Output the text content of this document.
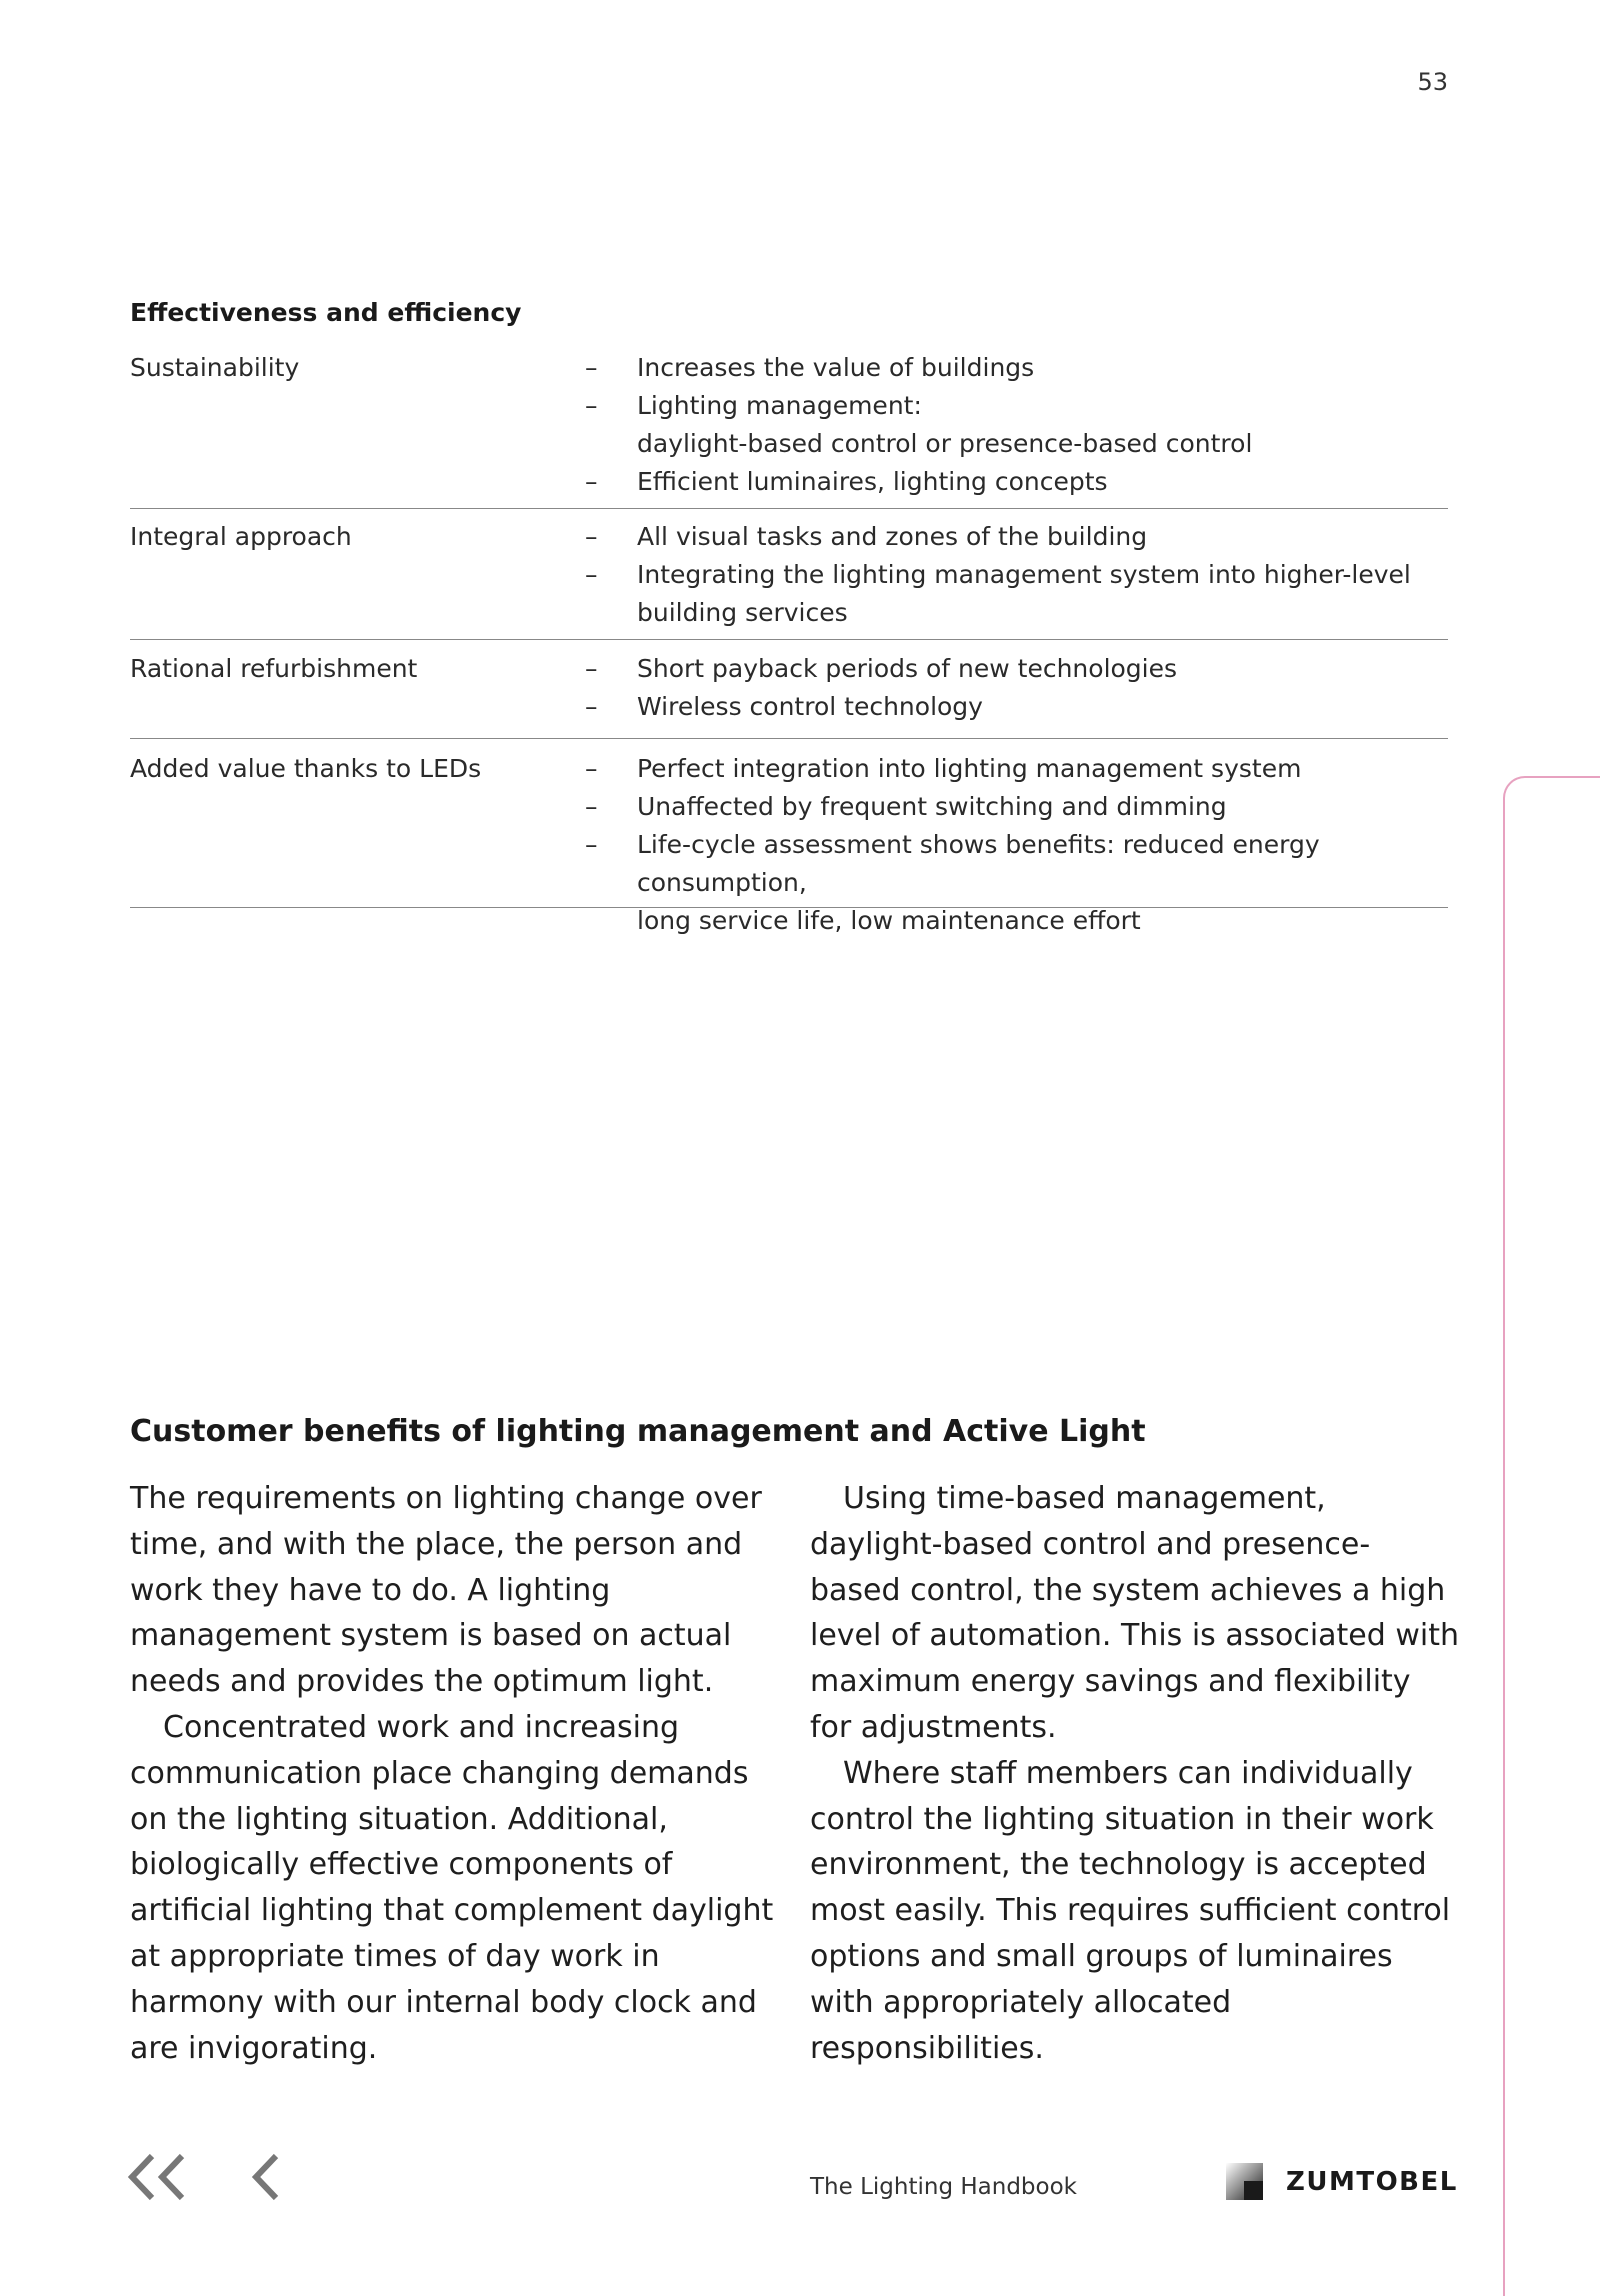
53
Effectiveness and efficiency
Sustainability	– Increases the value of buildings
– Lighting management:
daylight-based control or presence-based control
– Efficient luminaires, lighting concepts
Integral approach	– All visual tasks and zones of the building
– Integrating the lighting management system into higher-level
building services
Rational refurbishment	– Short payback periods of new technologies
– Wireless control technology
Added value thanks to LEDs	– Perfect integration into lighting management system
– Unaffected by frequent switching and dimming
– Life-cycle assessment shows benefits: reduced energy consumption,
long service life, low maintenance effort
Customer benefits of lighting management and Active Light

The requirements on lighting change over time, and with the place, the person and work they have to do. A lighting management system is based on actual needs and provides the optimum light.

Concentrated work and increasing communication place changing demands on the lighting situation. Additional, biologically effective components of artificial lighting that complement daylight at appropriate times of day work in harmony with our internal body clock and are invigorating.

Using time-based management, daylight-based control and presence-based control, the system achieves a high level of automation. This is associated with maximum energy savings and flexibility for adjustments.

Where staff members can individually control the lighting situation in their work environment, the technology is accepted most easily. This requires sufficient control options and small groups of luminaires with appropriately allocated responsibilities.

The Lighting Handbook	ZUMTOBEL
